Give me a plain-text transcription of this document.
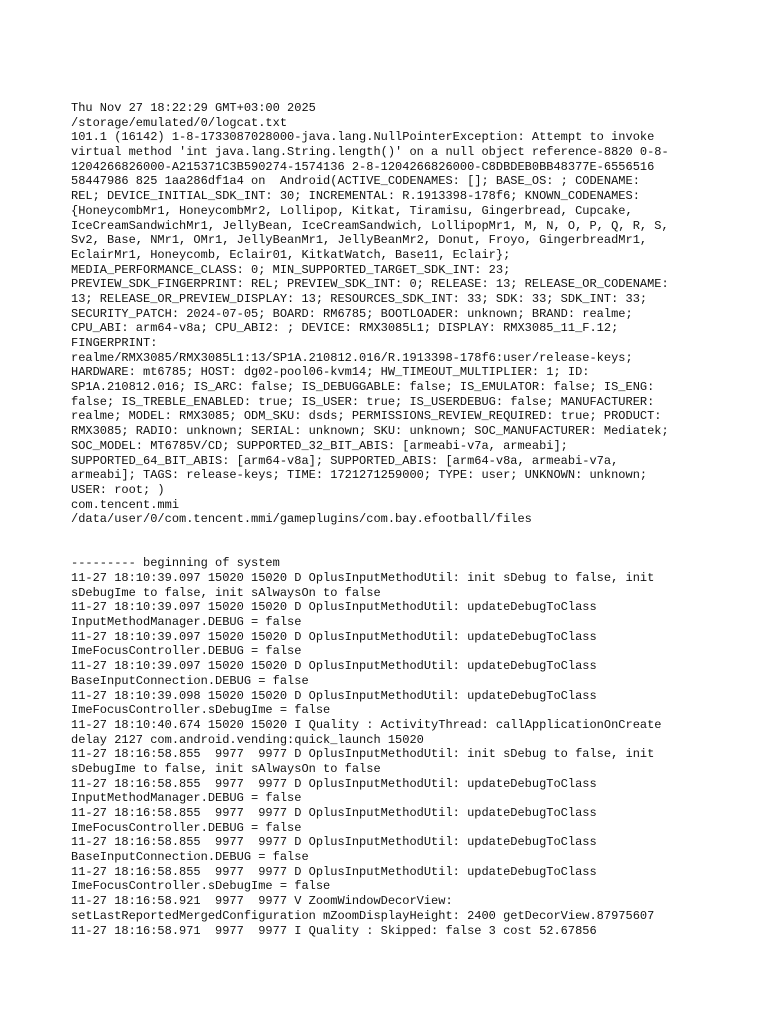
Thu Nov 27 18:22:29 GMT+03:00 2025
/storage/emulated/0/logcat.txt
101.1 (16142) 1-8-1733087028000-java.lang.NullPointerException: Attempt to invoke
virtual method 'int java.lang.String.length()' on a null object reference-8820 0-8-
1204266826000-A215371C3B590274-1574136 2-8-1204266826000-C8DBDEB0BB48377E-6556516
58447986 825 1aa286df1a4 on  Android(ACTIVE_CODENAMES: []; BASE_OS: ; CODENAME:
REL; DEVICE_INITIAL_SDK_INT: 30; INCREMENTAL: R.1913398-178f6; KNOWN_CODENAMES:
{HoneycombMr1, HoneycombMr2, Lollipop, Kitkat, Tiramisu, Gingerbread, Cupcake,
IceCreamSandwichMr1, JellyBean, IceCreamSandwich, LollipopMr1, M, N, O, P, Q, R, S,
Sv2, Base, NMr1, OMr1, JellyBeanMr1, JellyBeanMr2, Donut, Froyo, GingerbreadMr1,
EclairMr1, Honeycomb, Eclair01, KitkatWatch, Base11, Eclair};
MEDIA_PERFORMANCE_CLASS: 0; MIN_SUPPORTED_TARGET_SDK_INT: 23;
PREVIEW_SDK_FINGERPRINT: REL; PREVIEW_SDK_INT: 0; RELEASE: 13; RELEASE_OR_CODENAME:
13; RELEASE_OR_PREVIEW_DISPLAY: 13; RESOURCES_SDK_INT: 33; SDK: 33; SDK_INT: 33;
SECURITY_PATCH: 2024-07-05; BOARD: RM6785; BOOTLOADER: unknown; BRAND: realme;
CPU_ABI: arm64-v8a; CPU_ABI2: ; DEVICE: RMX3085L1; DISPLAY: RMX3085_11_F.12;
FINGERPRINT:
realme/RMX3085/RMX3085L1:13/SP1A.210812.016/R.1913398-178f6:user/release-keys;
HARDWARE: mt6785; HOST: dg02-pool06-kvm14; HW_TIMEOUT_MULTIPLIER: 1; ID:
SP1A.210812.016; IS_ARC: false; IS_DEBUGGABLE: false; IS_EMULATOR: false; IS_ENG:
false; IS_TREBLE_ENABLED: true; IS_USER: true; IS_USERDEBUG: false; MANUFACTURER:
realme; MODEL: RMX3085; ODM_SKU: dsds; PERMISSIONS_REVIEW_REQUIRED: true; PRODUCT:
RMX3085; RADIO: unknown; SERIAL: unknown; SKU: unknown; SOC_MANUFACTURER: Mediatek;
SOC_MODEL: MT6785V/CD; SUPPORTED_32_BIT_ABIS: [armeabi-v7a, armeabi];
SUPPORTED_64_BIT_ABIS: [arm64-v8a]; SUPPORTED_ABIS: [arm64-v8a, armeabi-v7a,
armeabi]; TAGS: release-keys; TIME: 1721271259000; TYPE: user; UNKNOWN: unknown;
USER: root; )
com.tencent.mmi
/data/user/0/com.tencent.mmi/gameplugins/com.bay.efootball/files
--------- beginning of system
11-27 18:10:39.097 15020 15020 D OplusInputMethodUtil: init sDebug to false, init
sDebugIme to false, init sAlwaysOn to false
11-27 18:10:39.097 15020 15020 D OplusInputMethodUtil: updateDebugToClass
InputMethodManager.DEBUG = false
11-27 18:10:39.097 15020 15020 D OplusInputMethodUtil: updateDebugToClass
ImeFocusController.DEBUG = false
11-27 18:10:39.097 15020 15020 D OplusInputMethodUtil: updateDebugToClass
BaseInputConnection.DEBUG = false
11-27 18:10:39.098 15020 15020 D OplusInputMethodUtil: updateDebugToClass
ImeFocusController.sDebugIme = false
11-27 18:10:40.674 15020 15020 I Quality : ActivityThread: callApplicationOnCreate
delay 2127 com.android.vending:quick_launch 15020
11-27 18:16:58.855  9977  9977 D OplusInputMethodUtil: init sDebug to false, init
sDebugIme to false, init sAlwaysOn to false
11-27 18:16:58.855  9977  9977 D OplusInputMethodUtil: updateDebugToClass
InputMethodManager.DEBUG = false
11-27 18:16:58.855  9977  9977 D OplusInputMethodUtil: updateDebugToClass
ImeFocusController.DEBUG = false
11-27 18:16:58.855  9977  9977 D OplusInputMethodUtil: updateDebugToClass
BaseInputConnection.DEBUG = false
11-27 18:16:58.855  9977  9977 D OplusInputMethodUtil: updateDebugToClass
ImeFocusController.sDebugIme = false
11-27 18:16:58.921  9977  9977 V ZoomWindowDecorView:
setLastReportedMergedConfiguration mZoomDisplayHeight: 2400 getDecorView.87975607
11-27 18:16:58.971  9977  9977 I Quality : Skipped: false 3 cost 52.67856
